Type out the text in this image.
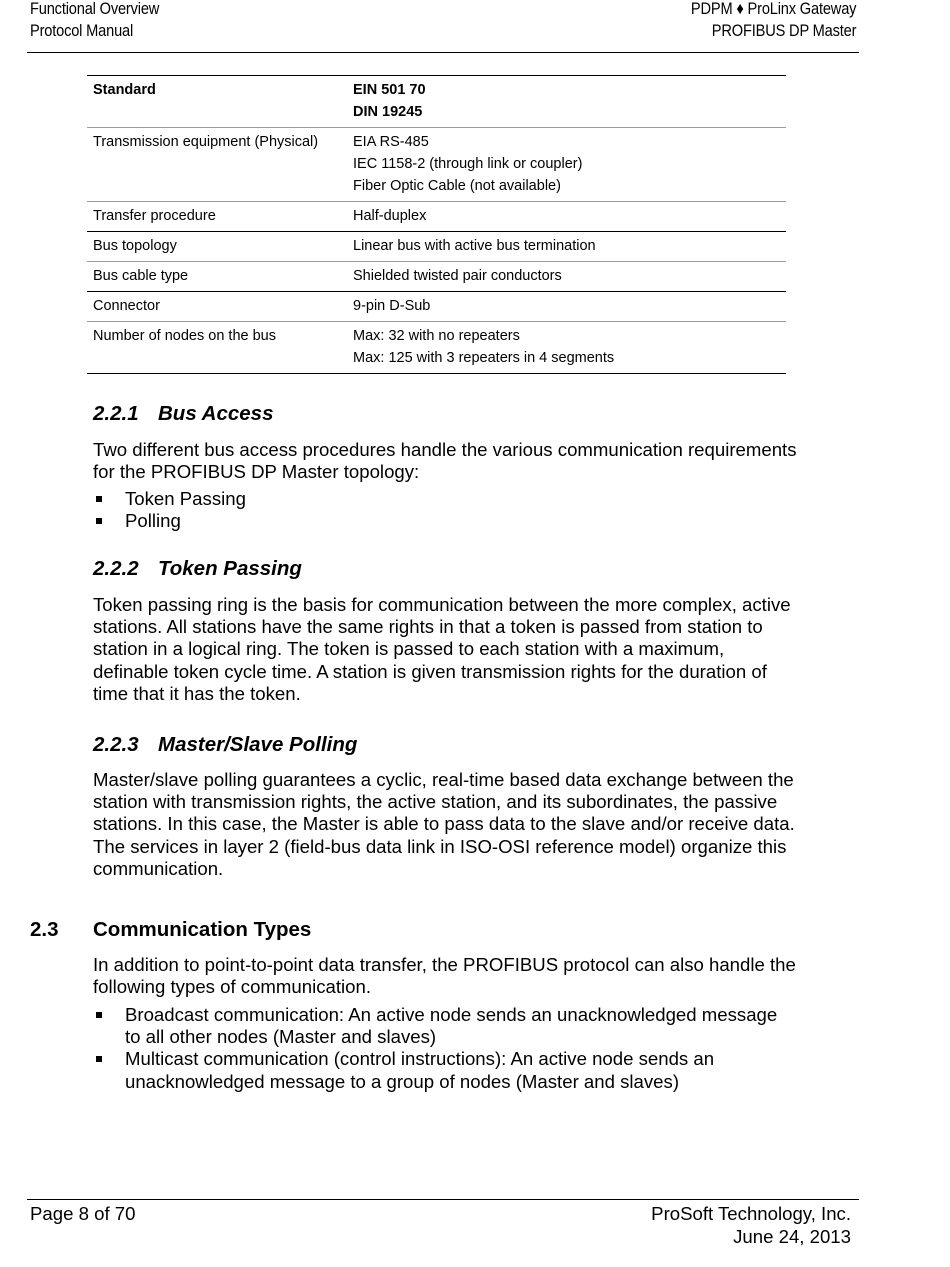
Functional Overview
Protocol Manual
PDPM ♦ ProLinx Gateway
PROFIBUS DP Master
Standard	EIN 501 70
DIN 19245

Transmission equipment (Physical)	EIA RS-485
IEC 1158-2 (through link or coupler)
Fiber Optic Cable (not available)

Transfer procedure	Half-duplex
Bus topology	Linear bus with active bus termination
Bus cable type	Shielded twisted pair conductors
Connector	9-pin D-Sub
Number of nodes on the bus	Max: 32 with no repeaters
Max: 125 with 3 repeaters in 4 segments
2.2.1 Bus Access
Two different bus access procedures handle the various communication requirements for the PROFIBUS DP Master topology:
Token Passing
Polling
2.2.2 Token Passing
Token passing ring is the basis for communication between the more complex, active stations. All stations have the same rights in that a token is passed from station to station in a logical ring. The token is passed to each station with a maximum, definable token cycle time. A station is given transmission rights for the duration of time that it has the token.
2.2.3 Master/Slave Polling
Master/slave polling guarantees a cyclic, real-time based data exchange between the station with transmission rights, the active station, and its subordinates, the passive stations. In this case, the Master is able to pass data to the slave and/or receive data. The services in layer 2 (field-bus data link in ISO-OSI reference model) organize this communication.
2.3 Communication Types
In addition to point-to-point data transfer, the PROFIBUS protocol can also handle the following types of communication.
Broadcast communication: An active node sends an unacknowledged message to all other nodes (Master and slaves)
Multicast communication (control instructions): An active node sends an unacknowledged message to a group of nodes (Master and slaves)
Page 8 of 70	ProSoft Technology, Inc.
June 24, 2013
